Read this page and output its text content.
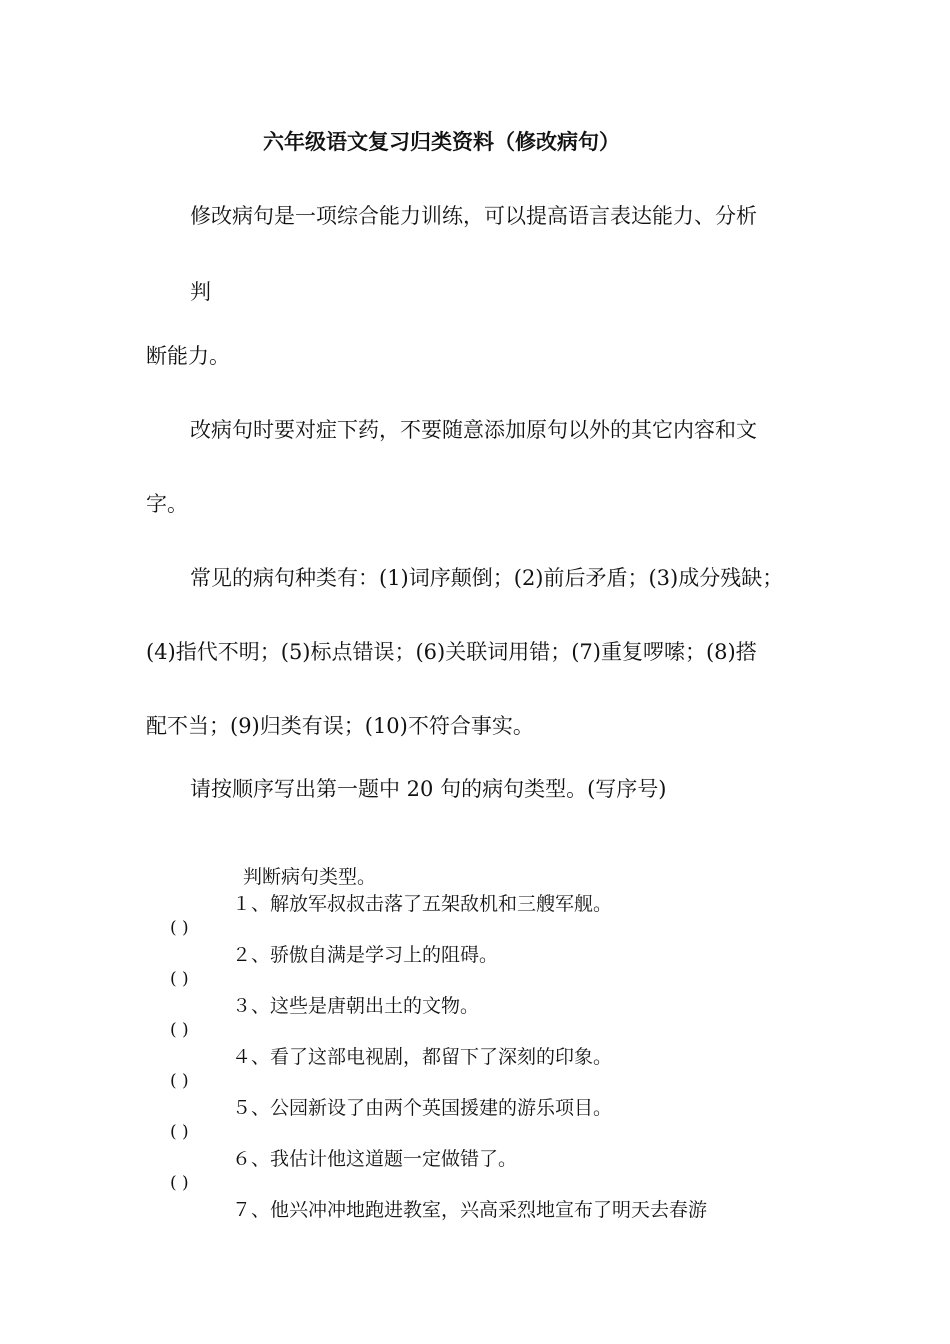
六年级语文复习归类资料（修改病句）

修改病句是一项综合能力训练，可以提高语言表达能力、分析

判

断能力。

改病句时要对症下药，不要随意添加原句以外的其它内容和文

字。

常见的病句种类有：(1)词序颠倒；(2)前后矛盾；(3)成分残缺；

(4)指代不明；(5)标点错误；(6)关联词用错；(7)重复啰嗦；(8)搭

配不当；(9)归类有误；(10)不符合事实。

请按顺序写出第一题中 20 句的病句类型。(写序号)

判断病句类型。

１、解放军叔叔击落了五架敌机和三艘军舰。

( )

２、骄傲自满是学习上的阻碍。

( )

３、这些是唐朝出土的文物。

( )

４、看了这部电视剧，都留下了深刻的印象。

( )

５、公园新设了由两个英国援建的游乐项目。

( )

６、我估计他这道题一定做错了。

( )

７、他兴冲冲地跑进教室，兴高采烈地宣布了明天去春游
